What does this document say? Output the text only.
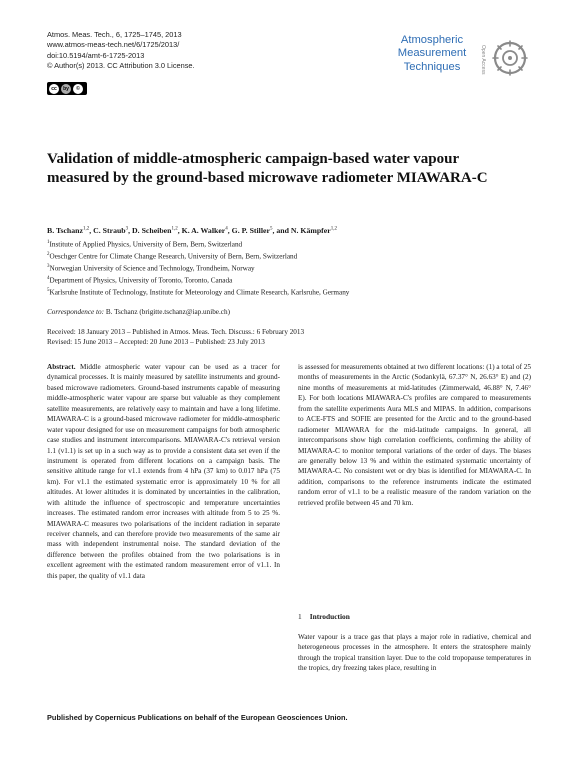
Atmos. Meas. Tech., 6, 1725–1745, 2013
www.atmos-meas-tech.net/6/1725/2013/
doi:10.5194/amt-6-1725-2013
© Author(s) 2013. CC Attribution 3.0 License.
cc	by	©
Atmospheric
Measurement
Techniques	Open Access
Validation of middle-atmospheric campaign-based water vapour measured by the ground-based microwave radiometer MIAWARA-C
B. Tschanz$^{1,2}$, C. Straub$^3$, D. Scheiben$^{1,2}$, K. A. Walker$^4$, G. P. Stiller$^5$, and N. Kämpfer$^{1,2}$
$^1$Institute of Applied Physics, University of Bern, Bern, Switzerland
$^2$Oeschger Centre for Climate Change Research, University of Bern, Bern, Switzerland
$^3$Norwegian University of Science and Technology, Trondheim, Norway
$^4$Department of Physics, University of Toronto, Toronto, Canada
$^5$Karlsruhe Institute of Technology, Institute for Meteorology and Climate Research, Karlsruhe, Germany
Correspondence to: B. Tschanz (brigitte.tschanz@iap.unibe.ch)
Received: 18 January 2013 – Published in Atmos. Meas. Tech. Discuss.: 6 February 2013
Revised: 15 June 2013 – Accepted: 20 June 2013 – Published: 23 July 2013

Abstract. Middle atmospheric water vapour can be used as a tracer for dynamical processes. It is mainly measured by satellite instruments and ground-based microwave radiometers. Ground-based instruments capable of measuring middle-atmospheric water vapour are sparse but valuable as they complement satellite measurements, are relatively easy to maintain and have a long lifetime. MIAWARA-C is a ground-based microwave radiometer for middle-atmospheric water vapour designed for use on measurement campaigns for both atmospheric case studies and instrument intercomparisons. MIAWARA-C's retrieval version 1.1 (v1.1) is set up in a such way as to provide a consistent data set even if the instrument is operated from different locations on a campaign basis. The sensitive altitude range for v1.1 extends from 4 hPa (37 km) to 0.017 hPa (75 km). For v1.1 the estimated systematic error is approximately 10 % for all altitudes. At lower altitudes it is dominated by uncertainties in the calibration, with altitude the influence of spectroscopic and temperature uncertainties increases. The estimated random error increases with altitude from 5 to 25 %. MIAWARA-C measures two polarisations of the incident radiation in separate receiver channels, and can therefore provide two measurements of the same air mass with independent instrumental noise. The standard deviation of the difference between the profiles obtained from the two polarisations is in excellent agreement with the estimated random measurement error of v1.1. In this paper, the quality of v1.1 data

is assessed for measurements obtained at two different locations: (1) a total of 25 months of measurements in the Arctic (Sodankylä, 67.37° N, 26.63° E) and (2) nine months of measurements at mid-latitudes (Zimmerwald, 46.88° N, 7.46° E). For both locations MIAWARA-C's profiles are compared to measurements from the satellite experiments Aura MLS and MIPAS. In addition, comparisons to ACE-FTS and SOFIE are presented for the Arctic and to the ground-based radiometer MIAWARA for the mid-latitude campaigns. In general, all intercomparisons show high correlation coefficients, confirming the ability of MIAWARA-C to monitor temporal variations of the order of days. The biases are generally below 13 % and within the estimated systematic uncertainty of MIAWARA-C. No consistent wet or dry bias is identified for MIAWARA-C. In addition, comparisons to the reference instruments indicate the estimated random error of v1.1 to be a realistic measure of the random variation on the retrieved profile between 45 and 70 km.

1 Introduction

Water vapour is a trace gas that plays a major role in radiative, chemical and heterogeneous processes in the atmosphere. It enters the stratosphere mainly through the tropical transition layer. Due to the cold tropopause temperatures in the tropics, dry freezing takes place, resulting in

Published by Copernicus Publications on behalf of the European Geosciences Union.
